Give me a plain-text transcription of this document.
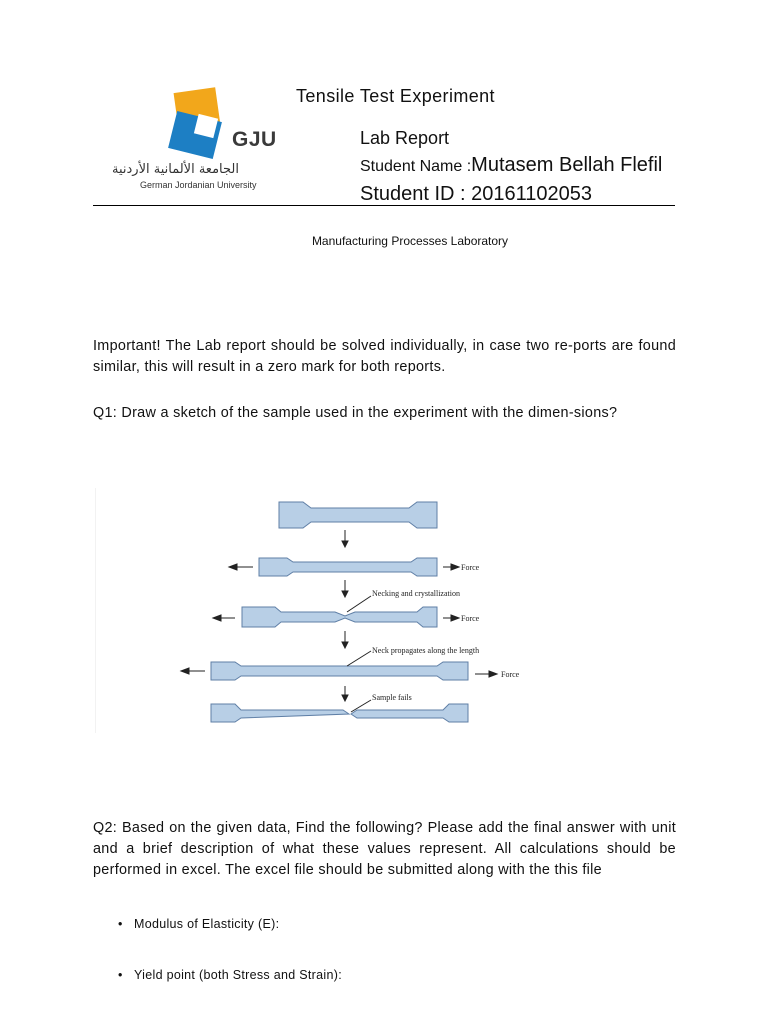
GJU
الجامعة الألمانية الأردنية
German Jordanian University
Tensile Test Experiment
Lab Report
Student Name :Mutasem Bellah Flefil
Student ID : 20161102053
Manufacturing Processes Laboratory
Important! The Lab report should be solved individually, in case two re-ports are found similar, this will result in a zero mark for both reports.
Q1: Draw a sketch of the sample used in the experiment with the dimen-sions?
Force
Force
Force
Necking and crystallization
Neck propagates along the length
Sample fails
Q2: Based on the given data, Find the following? Please add the final answer with unit and a brief description of what these values represent. All calculations should be performed in excel. The excel file should be submitted along with the this file
• Modulus of Elasticity (E):
• Yield point (both Stress and Strain):
